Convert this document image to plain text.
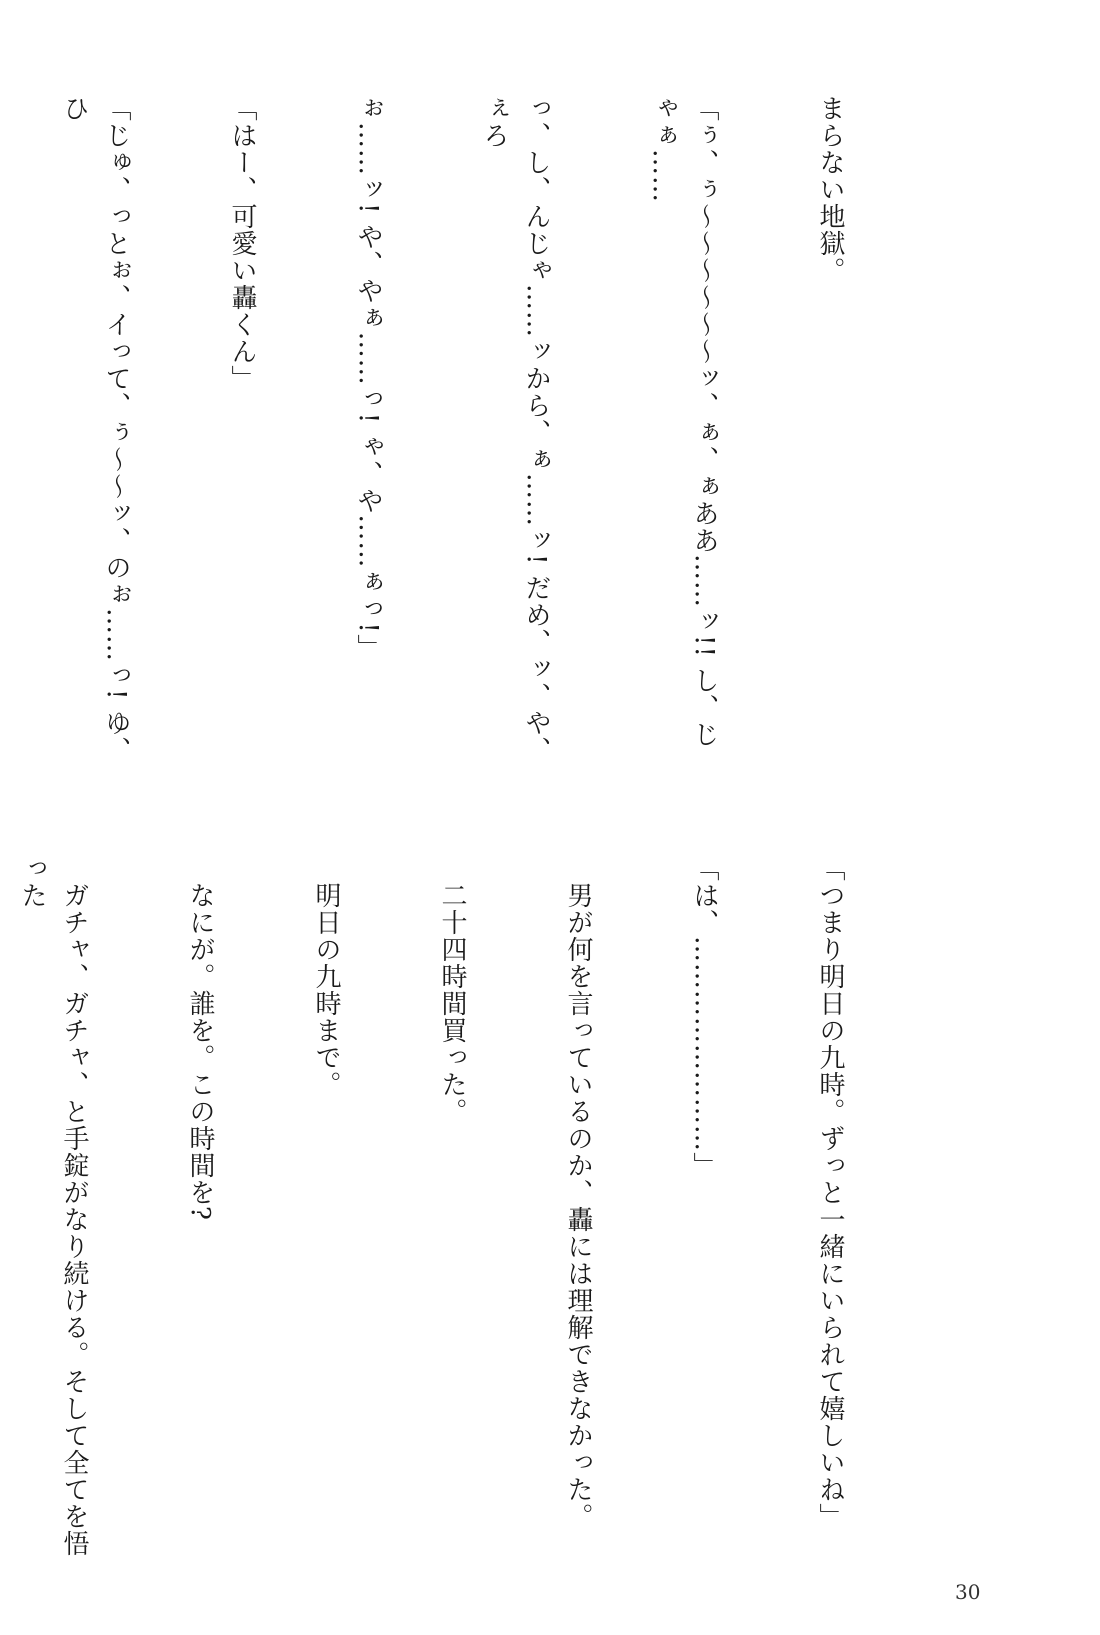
まらない地獄。

「ぅ、ぅ〜〜〜〜〜〜ッ、ぁ、ぁああ……ッ!! し、じゃぁ……

っ、し、んじゃ……ッから、ぁ……ッ! だめ、ッ、や、ぇろ

ぉ……ッ! や、やぁ……っ! ゃ、や……ぁっ!」

「はー、可愛い轟くん」

「じゅ、っとぉ、イって、ぅ〜〜ッ、のぉ……っ! ゆ、ひ

「つまり明日の九時。ずっと一緒にいられて嬉しいね」

「は、……………………」

　男が何を言っているのか、轟には理解できなかった。

　二十四時間買った。

　明日の九時まで。

　なにが。誰を。この時間を?

　ガチャ、ガチャ、と手錠がなり続ける。そして全てを悟った

30
